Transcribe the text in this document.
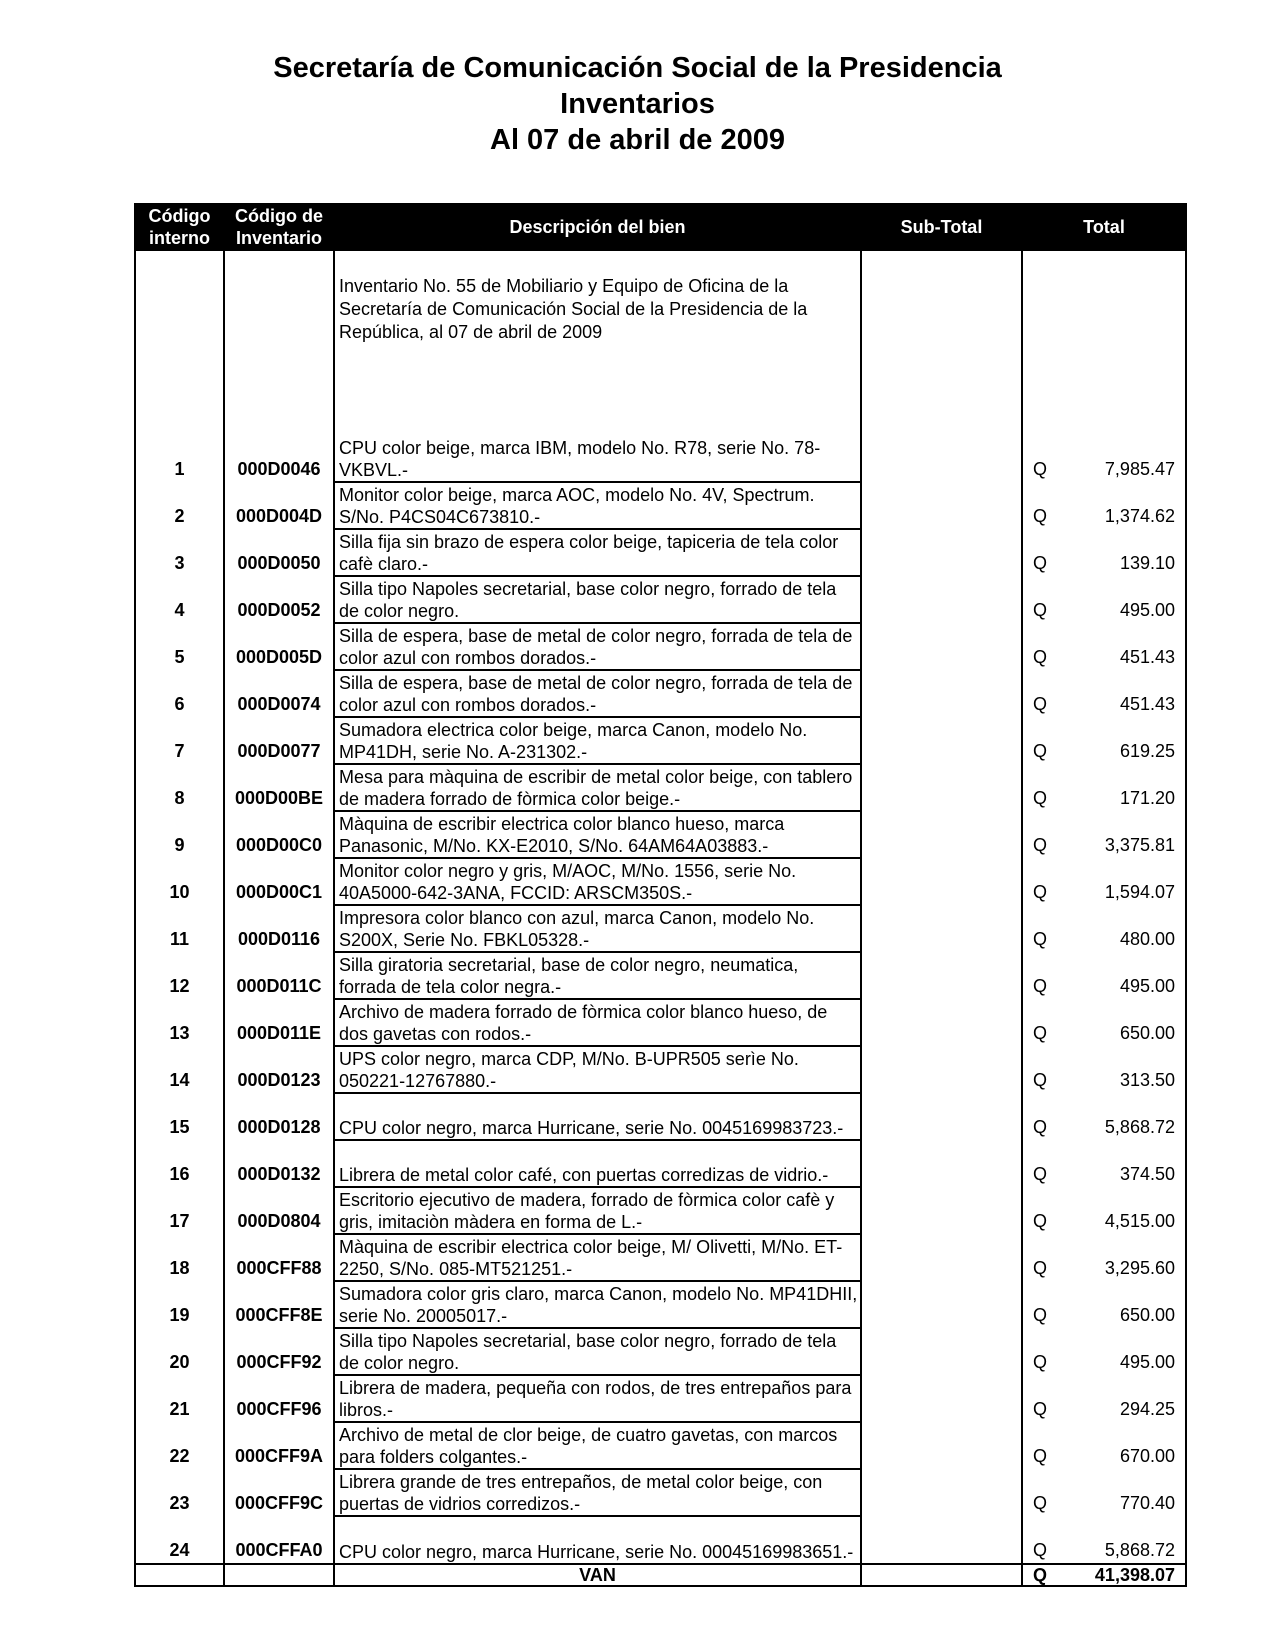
Secretaría de Comunicación Social de la Presidencia

Inventarios

Al 07 de abril de 2009

Código interno	Código de Inventario	Descripción del bien	Sub-Total	Total
		Inventario No. 55 de Mobiliario y Equipo de Oficina de la Secretaría de Comunicación Social de la Presidencia de la República, al 07 de abril de 2009		
1	000D0046	CPU color beige, marca IBM, modelo No. R78, serie No. 78-VKBVL.-		Q 7,985.47

2	000D004D	Monitor color beige, marca AOC, modelo No. 4V, Spectrum. S/No. P4CS04C673810.-		Q 1,374.62

3	000D0050	Silla fija sin brazo de espera color beige, tapiceria de tela color cafè claro.-		Q 139.10

4	000D0052	Silla tipo Napoles secretarial, base color negro, forrado de tela de color negro.		Q 495.00

5	000D005D	Silla de espera, base de metal de color negro, forrada de tela de color azul con rombos dorados.-		Q 451.43

6	000D0074	Silla de espera, base de metal de color negro, forrada de tela de color azul con rombos dorados.-		Q 451.43

7	000D0077	Sumadora electrica color beige, marca Canon, modelo No. MP41DH, serie No. A-231302.-		Q 619.25

8	000D00BE	Mesa para màquina de escribir de metal color beige, con tablero de madera forrado de fòrmica color beige.-		Q 171.20

9	000D00C0	Màquina de escribir electrica color blanco hueso, marca Panasonic, M/No. KX-E2010, S/No. 64AM64A03883.-		Q 3,375.81

10	000D00C1	Monitor color negro y gris, M/AOC, M/No. 1556, serie No. 40A5000-642-3ANA, FCCID: ARSCM350S.-		Q 1,594.07

11	000D0116	Impresora color blanco con azul, marca Canon, modelo No. S200X, Serie No. FBKL05328.-		Q 480.00

12	000D011C	Silla giratoria secretarial, base de color negro, neumatica, forrada de tela color negra.-		Q 495.00

13	000D011E	Archivo de madera forrado de fòrmica color blanco hueso, de dos gavetas con rodos.-		Q 650.00

14	000D0123	UPS color negro, marca CDP, M/No. B-UPR505 serìe No. 050221-12767880.-		Q 313.50

15	000D0128	CPU color negro, marca Hurricane, serie No. 0045169983723.-		Q 5,868.72

16	000D0132	Librera de metal color café, con puertas corredizas de vidrio.-		Q 374.50

17	000D0804	Escritorio ejecutivo de madera, forrado de fòrmica color cafè y gris, imitaciòn màdera en forma de L.-		Q 4,515.00

18	000CFF88	Màquina de escribir electrica color beige, M/ Olivetti, M/No. ET-2250, S/No. 085-MT521251.-		Q 3,295.60

19	000CFF8E	Sumadora color gris claro, marca Canon, modelo No. MP41DHII, serie No. 20005017.-		Q 650.00

20	000CFF92	Silla tipo Napoles secretarial, base color negro, forrado de tela de color negro.		Q 495.00

21	000CFF96	Librera de madera, pequeña con rodos, de tres entrepaños para libros.-		Q 294.25

22	000CFF9A	Archivo de metal de clor beige, de cuatro gavetas, con marcos para folders colgantes.-		Q 670.00

23	000CFF9C	Librera grande de tres entrepaños, de metal color beige, con puertas de vidrios corredizos.-		Q 770.40

24	000CFFA0	CPU color negro, marca Hurricane, serie No. 00045169983651.-		Q 5,868.72

		VAN		Q 41,398.07
